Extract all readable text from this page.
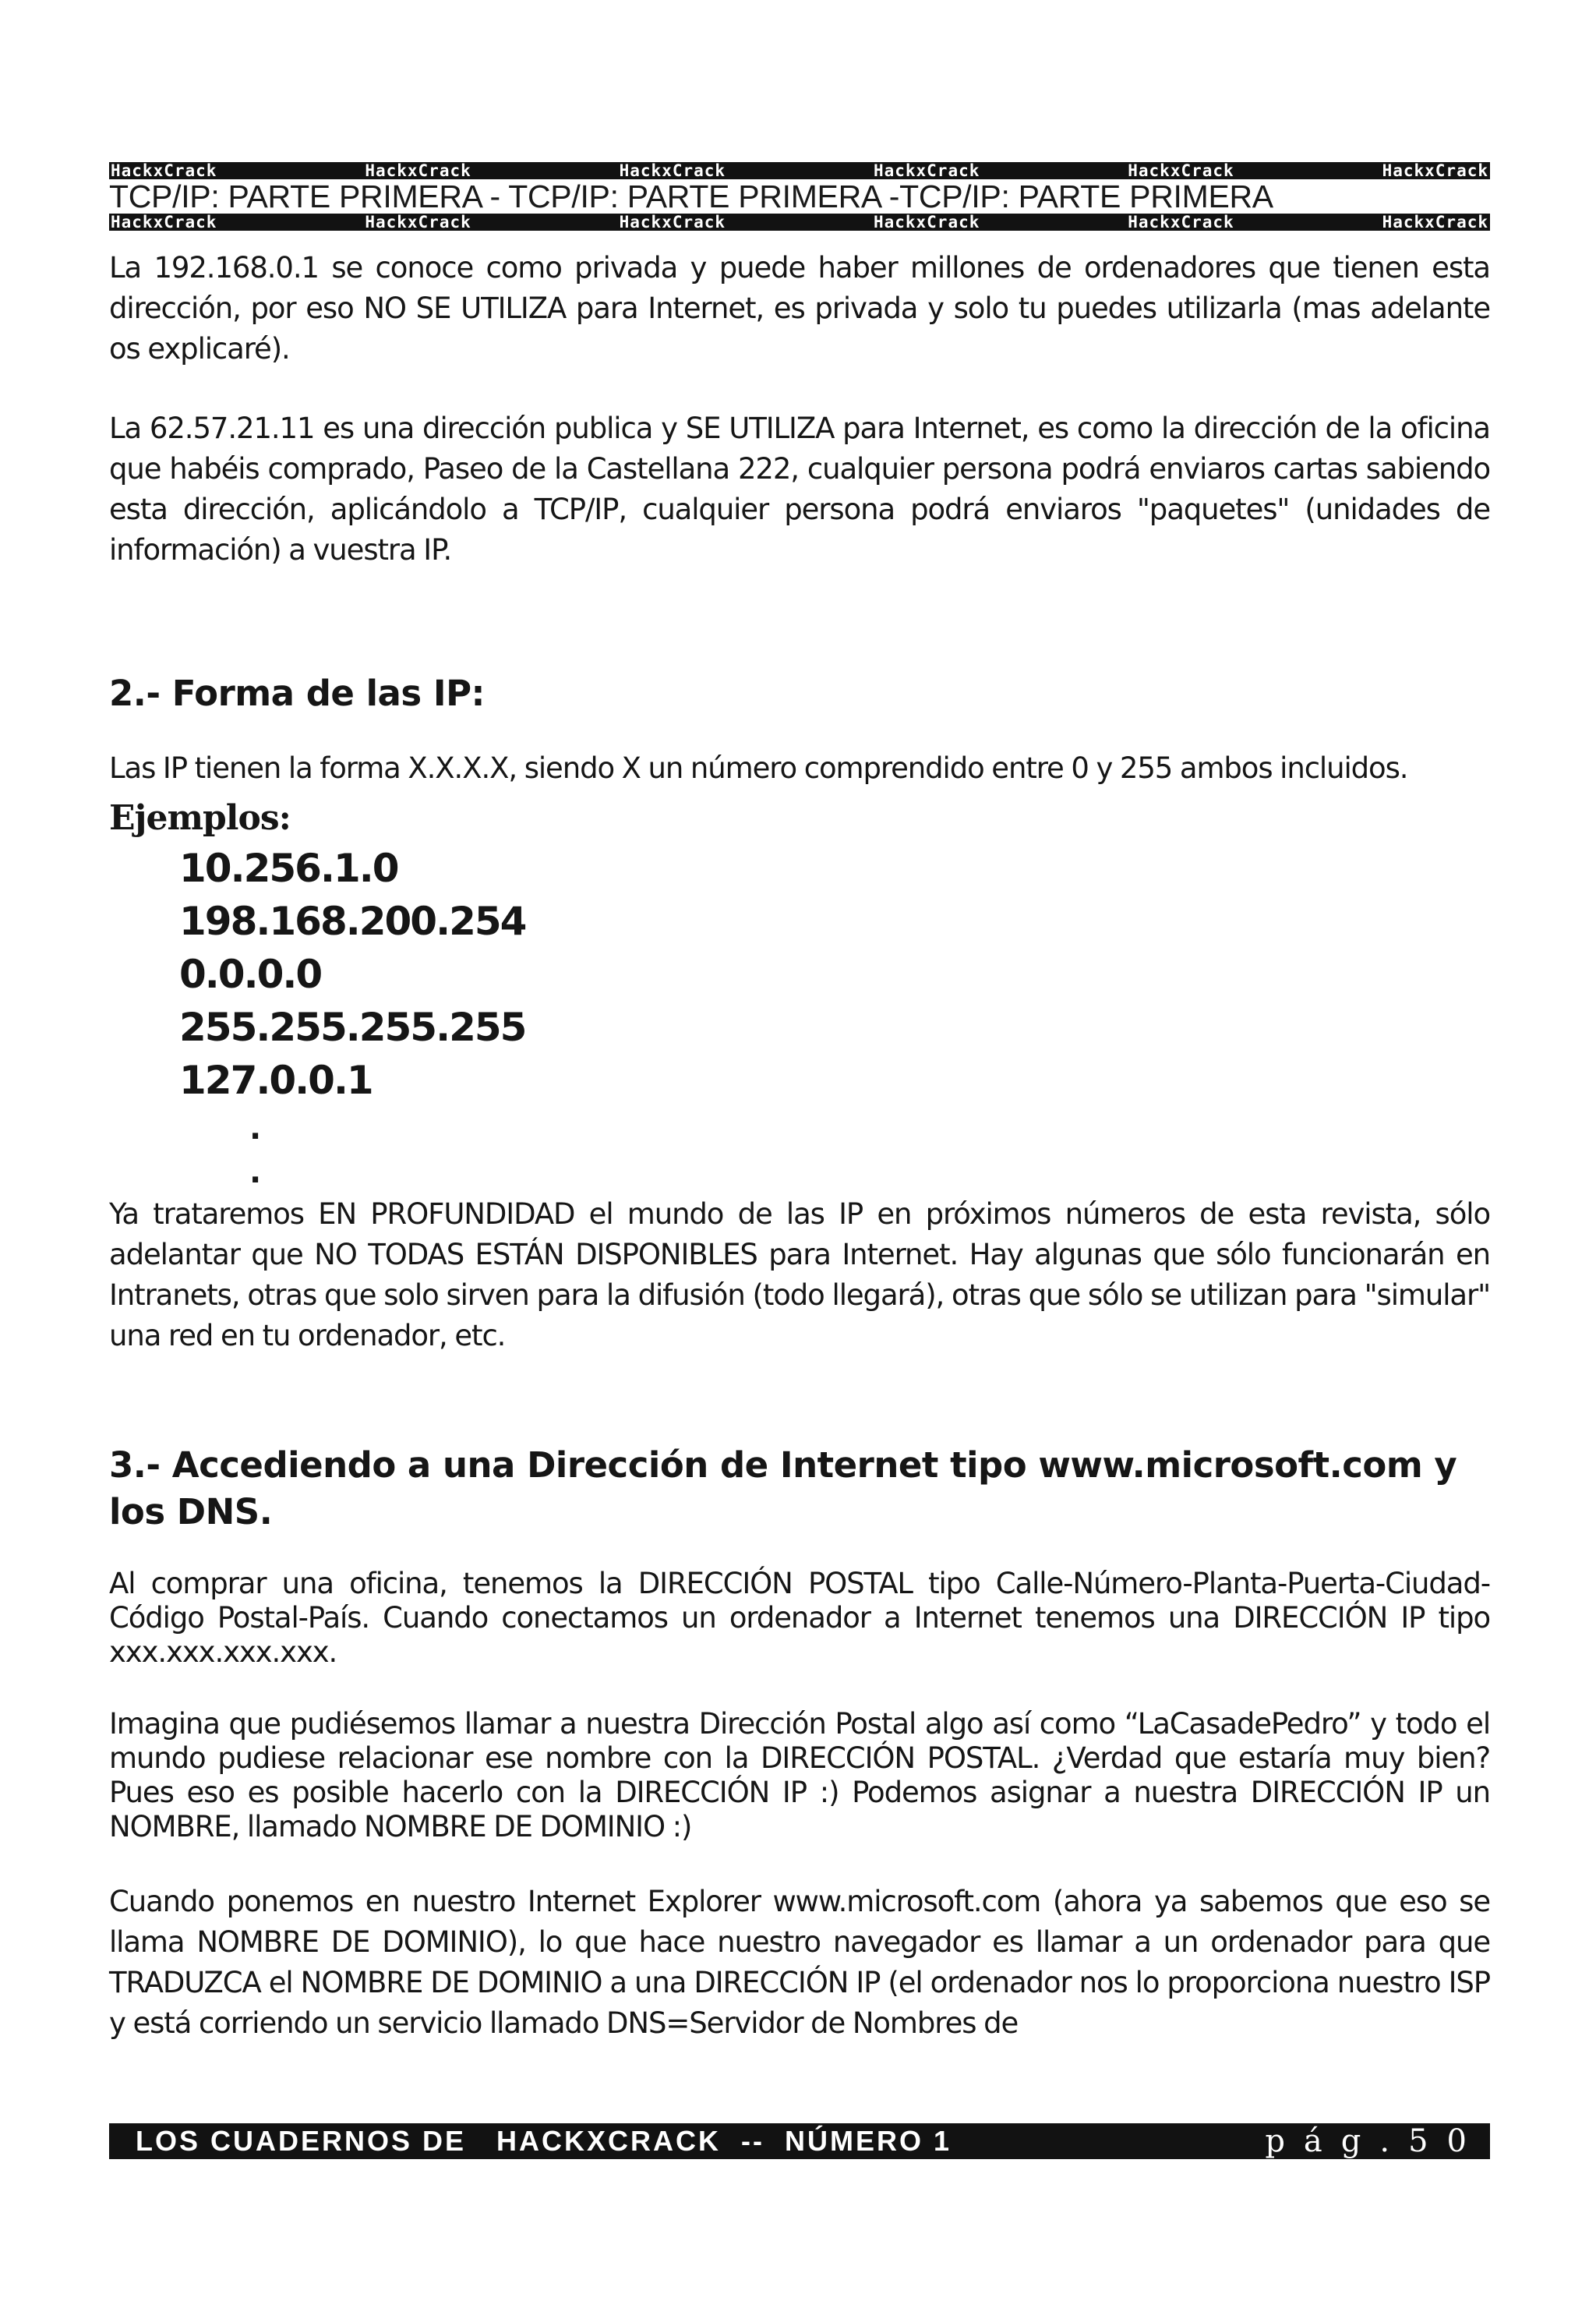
HackxCrack	HackxCrack	HackxCrack	HackxCrack	HackxCrack	HackxCrack
TCP/IP: PARTE PRIMERA - TCP/IP: PARTE PRIMERA -TCP/IP: PARTE PRIMERA
HackxCrack	HackxCrack	HackxCrack	HackxCrack	HackxCrack	HackxCrack

La 192.168.0.1 se conoce como privada y puede haber millones de ordenadores que tienen esta dirección, por eso NO SE UTILIZA para Internet, es privada y solo tu puedes utilizarla (mas adelante os explicaré).

La 62.57.21.11 es una dirección publica y SE UTILIZA para Internet, es como la dirección de la oficina que habéis comprado, Paseo de la Castellana 222, cualquier persona podrá enviaros cartas sabiendo esta dirección, aplicándolo a TCP/IP, cualquier persona podrá enviaros "paquetes" (unidades de información) a vuestra IP.

2.- Forma de las IP:

Las IP tienen la forma X.X.X.X, siendo X un número comprendido entre 0 y 255 ambos incluidos.

Ejemplos:
10.256.1.0
198.168.200.254
0.0.0.0
255.255.255.255
127.0.0.1
.
.

Ya trataremos EN PROFUNDIDAD el mundo de las IP en próximos números de esta revista, sólo adelantar que NO TODAS ESTÁN DISPONIBLES para Internet. Hay algunas que sólo funcionarán en Intranets, otras que solo sirven para la difusión (todo llegará), otras que sólo se utilizan para "simular" una red en tu ordenador, etc.

3.- Accediendo a una Dirección de Internet tipo www.microsoft.com y los DNS.

Al comprar una oficina, tenemos la DIRECCIÓN POSTAL tipo Calle-Número-Planta-Puerta-Ciudad-Código Postal-País. Cuando conectamos un ordenador a Internet tenemos una DIRECCIÓN IP tipo xxx.xxx.xxx.xxx.

Imagina que pudiésemos llamar a nuestra Dirección Postal algo así como “LaCasadePedro” y todo el mundo pudiese relacionar ese nombre con la DIRECCIÓN POSTAL. ¿Verdad que estaría muy bien? Pues eso es posible hacerlo con la DIRECCIÓN IP :) Podemos asignar a nuestra DIRECCIÓN IP un NOMBRE, llamado NOMBRE DE DOMINIO :)

Cuando ponemos en nuestro Internet Explorer www.microsoft.com (ahora ya sabemos que eso se llama NOMBRE DE DOMINIO), lo que hace nuestro navegador es llamar a un ordenador para que TRADUZCA el NOMBRE DE DOMINIO a una DIRECCIÓN IP (el ordenador nos lo proporciona nuestro ISP y está corriendo un servicio llamado DNS=Servidor de Nombres de

LOS CUADERNOS DE   HACKXCRACK  --  NÚMERO 1	pág.50
